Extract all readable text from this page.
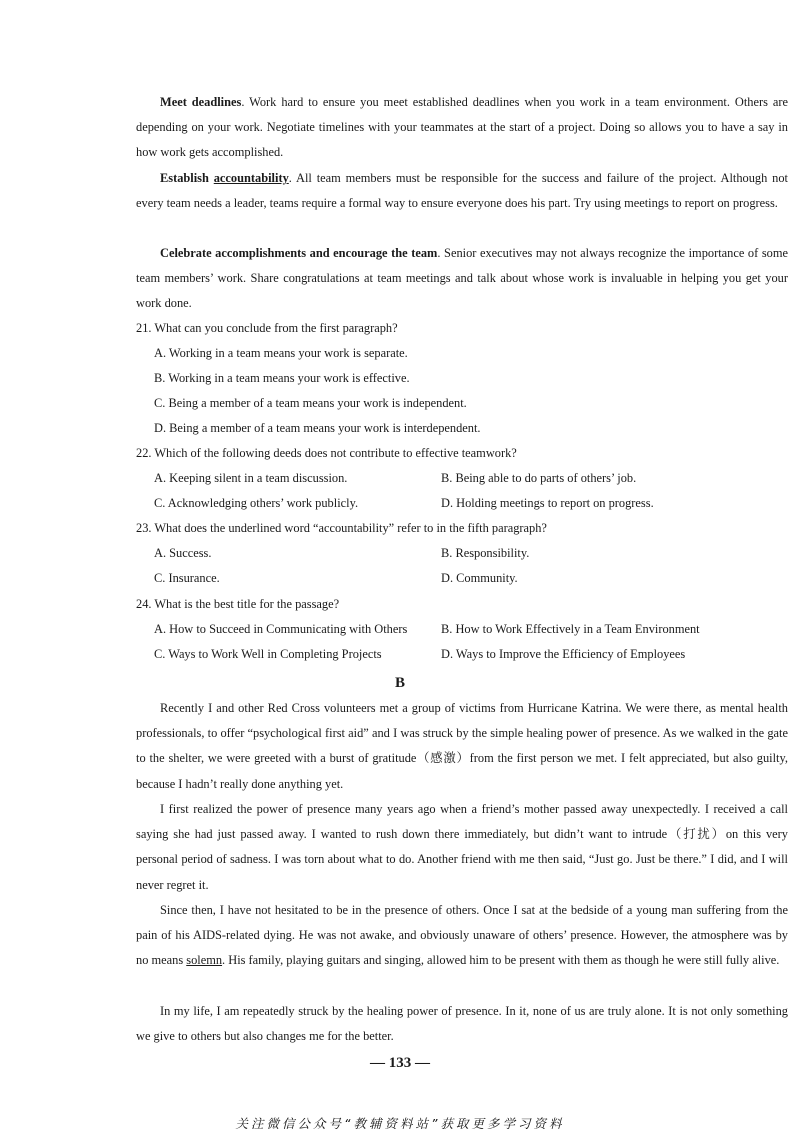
Meet deadlines. Work hard to ensure you meet established deadlines when you work in a team environment. Others are depending on your work. Negotiate timelines with your teammates at the start of a project. Doing so allows you to have a say in how work gets accomplished.

Establish accountability. All team members must be responsible for the success and failure of the project. Although not every team needs a leader, teams require a formal way to ensure everyone does his part. Try using meetings to report on progress.

Celebrate accomplishments and encourage the team. Senior executives may not always recognize the importance of some team members’ work. Share congratulations at team meetings and talk about whose work is invaluable in helping you get your work done.

21. What can you conclude from the first paragraph?
A. Working in a team means your work is separate.
B. Working in a team means your work is effective.
C. Being a member of a team means your work is independent.
D. Being a member of a team means your work is interdependent.
22. Which of the following deeds does not contribute to effective teamwork?
A. Keeping silent in a team discussion.	B. Being able to do parts of others’ job.
C. Acknowledging others’ work publicly.	D. Holding meetings to report on progress.
23. What does the underlined word “accountability” refer to in the fifth paragraph?
A. Success.	B. Responsibility.
C. Insurance.	D. Community.
24. What is the best title for the passage?
A. How to Succeed in Communicating with Others	B. How to Work Effectively in a Team Environment
C. Ways to Work Well in Completing Projects	D. Ways to Improve the Efficiency of Employees
B

Recently I and other Red Cross volunteers met a group of victims from Hurricane Katrina. We were there, as mental health professionals, to offer “psychological first aid” and I was struck by the simple healing power of presence. As we walked in the gate to the shelter, we were greeted with a burst of gratitude（感激）from the first person we met. I felt appreciated, but also guilty, because I hadn’t really done anything yet.

I first realized the power of presence many years ago when a friend’s mother passed away unexpectedly. I received a call saying she had just passed away. I wanted to rush down there immediately, but didn’t want to intrude（打扰）on this very personal period of sadness. I was torn about what to do. Another friend with me then said, “Just go. Just be there.” I did, and I will never regret it.

Since then, I have not hesitated to be in the presence of others. Once I sat at the bedside of a young man suffering from the pain of his AIDS-related dying. He was not awake, and obviously unaware of others’ presence. However, the atmosphere was by no means solemn. His family, playing guitars and singing, allowed him to be present with them as though he were still fully alive.

In my life, I am repeatedly struck by the healing power of presence. In it, none of us are truly alone. It is not only something we give to others but also changes me for the better.

— 133 —
关注微信公众号“教辅资料站”获取更多学习资料
